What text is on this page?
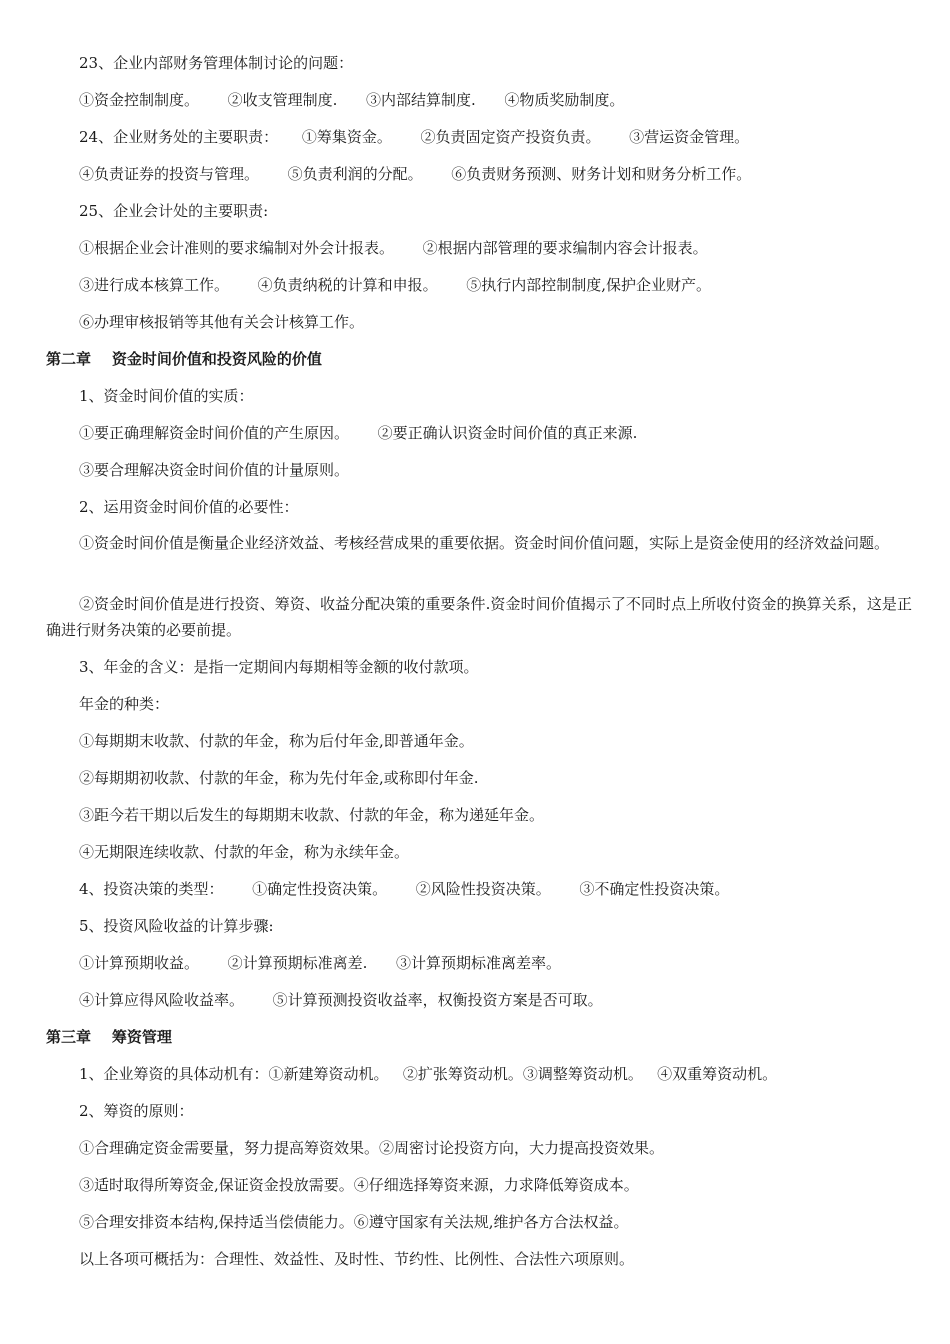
23、企业内部财务管理体制讨论的问题：
①资金控制制度。      ②收支管理制度.      ③内部结算制度.      ④物质奖励制度。
24、企业财务处的主要职责：     ①筹集资金。      ②负责固定资产投资负责。      ③营运资金管理。
④负责证券的投资与管理。      ⑤负责利润的分配。      ⑥负责财务预测、财务计划和财务分析工作。
25、企业会计处的主要职责:
①根据企业会计准则的要求编制对外会计报表。      ②根据内部管理的要求编制内容会计报表。
③进行成本核算工作。      ④负责纳税的计算和申报。      ⑤执行内部控制制度,保护企业财产。
⑥办理审核报销等其他有关会计核算工作。
第二章    资金时间价值和投资风险的价值
1、资金时间价值的实质：
①要正确理解资金时间价值的产生原因。      ②要正确认识资金时间价值的真正来源.
③要合理解决资金时间价值的计量原则。
2、运用资金时间价值的必要性：
①资金时间价值是衡量企业经济效益、考核经营成果的重要依据。资金时间价值问题，实际上是资金使用的经济效益问题。
②资金时间价值是进行投资、筹资、收益分配决策的重要条件.资金时间价值揭示了不同时点上所收付资金的换算关系，这是正确进行财务决策的必要前提。
3、年金的含义：是指一定期间内每期相等金额的收付款项。
年金的种类：
①每期期末收款、付款的年金，称为后付年金,即普通年金。
②每期期初收款、付款的年金，称为先付年金,或称即付年金.
③距今若干期以后发生的每期期末收款、付款的年金，称为递延年金。
④无期限连续收款、付款的年金，称为永续年金。
4、投资决策的类型：      ①确定性投资决策。      ②风险性投资决策。      ③不确定性投资决策。
5、投资风险收益的计算步骤:
①计算预期收益。      ②计算预期标准离差.      ③计算预期标准离差率。
④计算应得风险收益率。      ⑤计算预测投资收益率，权衡投资方案是否可取。
第三章    筹资管理
1、企业筹资的具体动机有：①新建筹资动机。   ②扩张筹资动机。③调整筹资动机。   ④双重筹资动机。
2、筹资的原则：
①合理确定资金需要量，努力提高筹资效果。②周密讨论投资方向，大力提高投资效果。
③适时取得所筹资金,保证资金投放需要。④仔细选择筹资来源，力求降低筹资成本。
⑤合理安排资本结构,保持适当偿债能力。⑥遵守国家有关法规,维护各方合法权益。
以上各项可概括为：合理性、效益性、及时性、节约性、比例性、合法性六项原则。
